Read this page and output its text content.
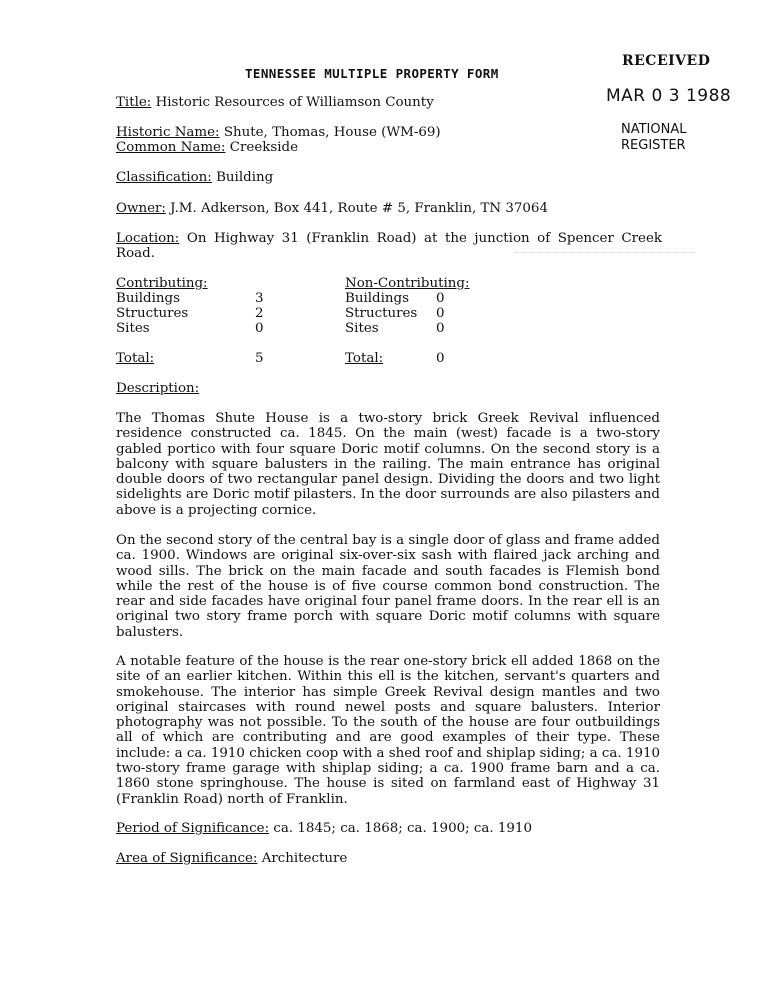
TENNESSEE MULTIPLE PROPERTY FORM
RECEIVED
MAR 0 3 1988
NATIONAL
REGISTER
Title: Historic Resources of Williamson County
Historic Name: Shute, Thomas, House (WM-69)
Common Name: Creekside
Classification: Building
Owner: J.M. Adkerson, Box 441, Route # 5, Franklin, TN 37064
Location: On Highway 31 (Franklin Road) at the junction of Spencer Creek
Road.
Contributing:	Non-Contributing:
Buildings	3	Buildings 0
Structures	2	Structures 0
Sites	0	Sites	0
Total:	5	Total:	0
Description:
The Thomas Shute House is a two-story brick Greek Revival influenced residence constructed ca. 1845. On the main (west) facade is a two-story gabled portico with four square Doric motif columns. On the second story is a balcony with square balusters in the railing. The main entrance has original double doors of two rectangular panel design. Dividing the doors and two light sidelights are Doric motif pilasters. In the door surrounds are also pilasters and above is a projecting cornice.
On the second story of the central bay is a single door of glass and frame added ca. 1900. Windows are original six-over-six sash with flaired jack arching and wood sills. The brick on the main facade and south facades is Flemish bond while the rest of the house is of five course common bond construction. The rear and side facades have original four panel frame doors. In the rear ell is an original two story frame porch with square Doric motif columns with square balusters.
A notable feature of the house is the rear one-story brick ell added 1868 on the site of an earlier kitchen. Within this ell is the kitchen, servant's quarters and smokehouse. The interior has simple Greek Revival design mantles and two original staircases with round newel posts and square balusters. Interior photography was not possible. To the south of the house are four outbuildings all of which are contributing and are good examples of their type. These include: a ca. 1910 chicken coop with a shed roof and shiplap siding; a ca. 1910 two-story frame garage with shiplap siding; a ca. 1900 frame barn and a ca. 1860 stone springhouse. The house is sited on farmland east of Highway 31 (Franklin Road) north of Franklin.
Period of Significance: ca. 1845; ca. 1868; ca. 1900; ca. 1910
Area of Significance: Architecture
